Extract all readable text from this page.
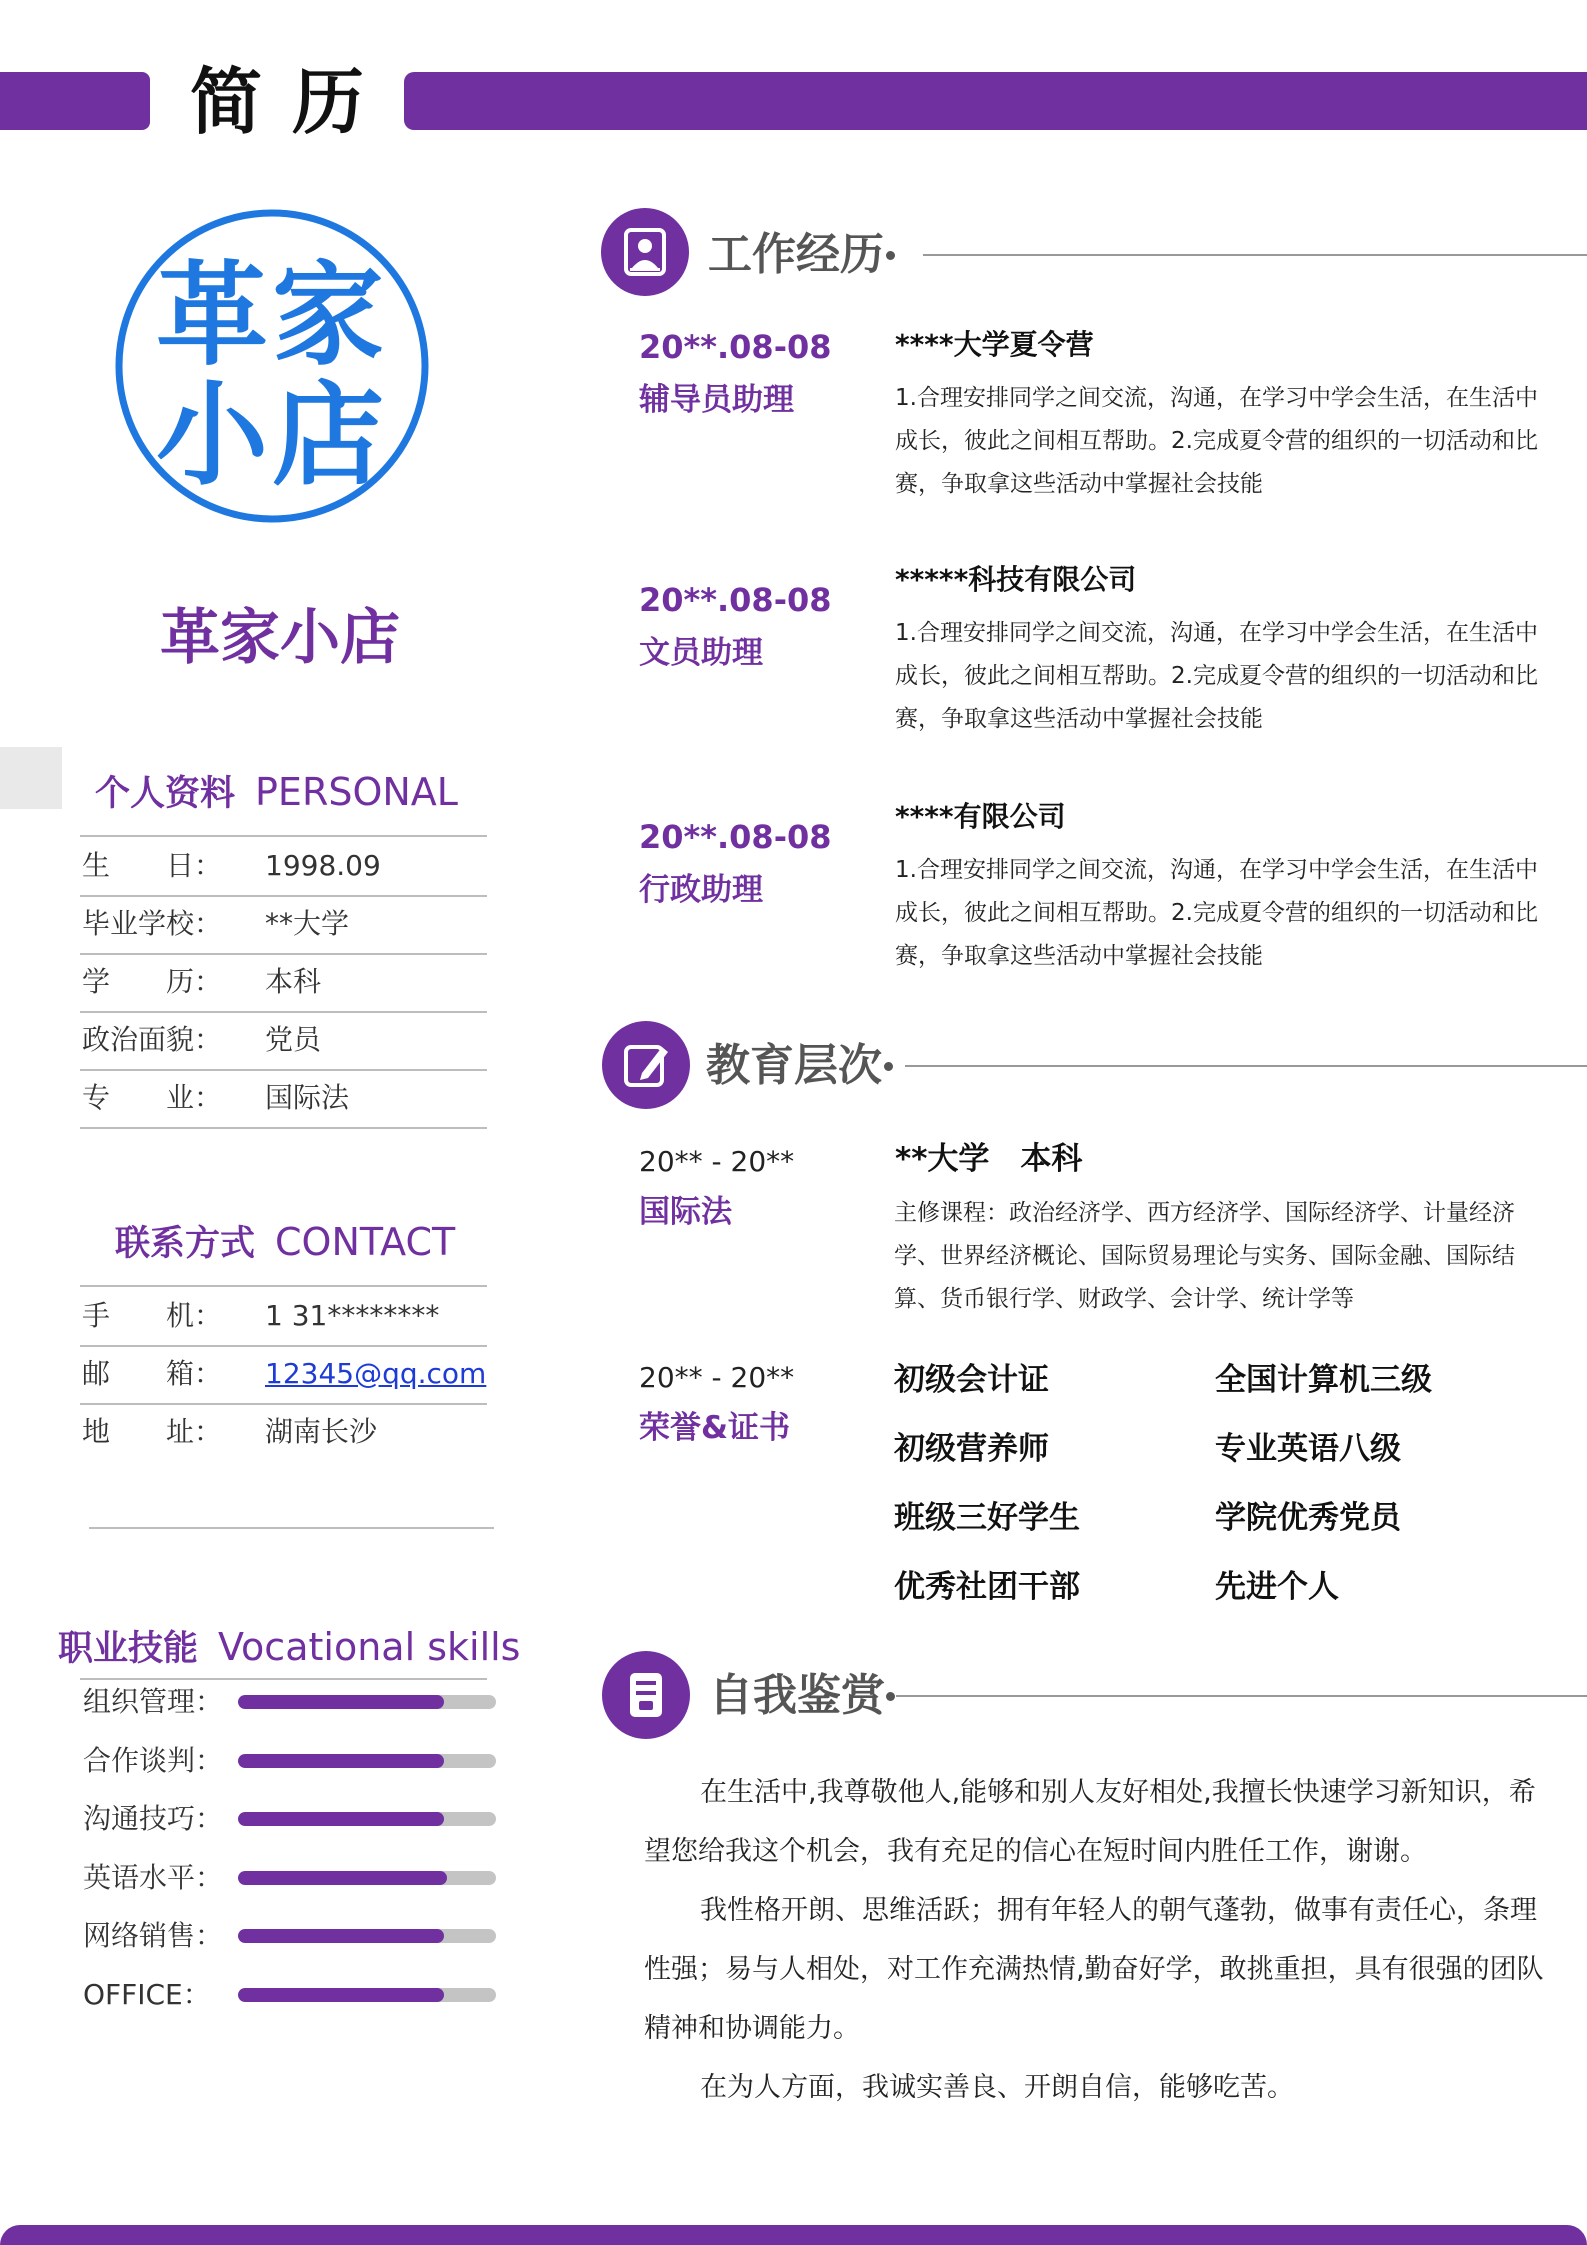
简历
革家
小店
革家小店
个人资料 PERSONAL
生　　日： 1998.09
毕业学校： **大学
学　　历： 本科
政治面貌： 党员
专　　业： 国际法
联系方式 CONTACT
手　　机： 1 31********
邮　　箱： 12345@qq.com
地　　址： 湖南长沙
职业技能 Vocational skills
组织管理：
合作谈判：
沟通技巧：
英语水平：
网络销售：
OFFICE：
工作经历
20**.08-08
辅导员助理
****大学夏令营
1.合理安排同学之间交流，沟通，在学习中学会生活，在生活中成长，彼此之间相互帮助。2.完成夏令营的组织的一切活动和比赛，争取拿这些活动中掌握社会技能
20**.08-08
文员助理
*****科技有限公司
1.合理安排同学之间交流，沟通，在学习中学会生活，在生活中成长，彼此之间相互帮助。2.完成夏令营的组织的一切活动和比赛，争取拿这些活动中掌握社会技能
20**.08-08
行政助理
****有限公司
1.合理安排同学之间交流，沟通，在学习中学会生活，在生活中成长，彼此之间相互帮助。2.完成夏令营的组织的一切活动和比赛，争取拿这些活动中掌握社会技能
教育层次
20** - 20**
国际法
**大学　本科
主修课程：政治经济学、西方经济学、国际经济学、计量经济学、世界经济概论、国际贸易理论与实务、国际金融、国际结算、货币银行学、财政学、会计学、统计学等
20** - 20**
荣誉&证书
初级会计证	全国计算机三级
初级营养师	专业英语八级
班级三好学生	学院优秀党员
优秀社团干部	先进个人
自我鉴赏

在生活中,我尊敬他人,能够和别人友好相处,我擅长快速学习新知识，希望您给我这个机会，我有充足的信心在短时间内胜任工作，谢谢。

我性格开朗、思维活跃；拥有年轻人的朝气蓬勃，做事有责任心，条理性强；易与人相处，对工作充满热情,勤奋好学，敢挑重担，具有很强的团队精神和协调能力。

在为人方面，我诚实善良、开朗自信，能够吃苦。
